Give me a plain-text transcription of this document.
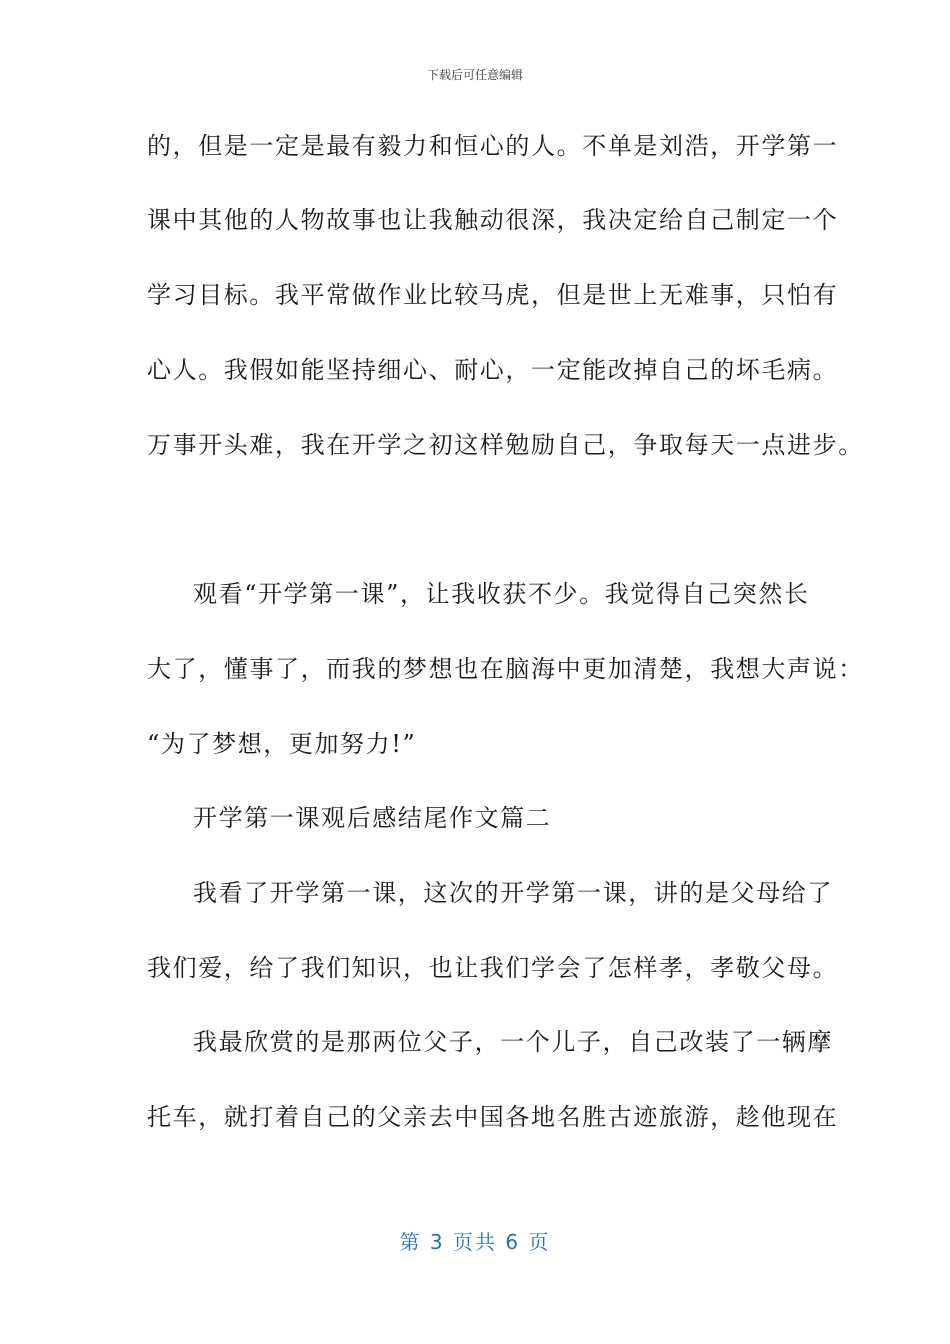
下载后可任意编辑
的，但是一定是最有毅力和恒心的人。不单是刘浩，开学第一
课中其他的人物故事也让我触动很深，我决定给自己制定一个
学习目标。我平常做作业比较马虎，但是世上无难事，只怕有
心人。我假如能坚持细心、耐心，一定能改掉自己的坏毛病。
万事开头难，我在开学之初这样勉励自己，争取每天一点进步。
观看“开学第一课”，让我收获不少。我觉得自己突然长
大了，懂事了，而我的梦想也在脑海中更加清楚，我想大声说：
“为了梦想，更加努力!”
开学第一课观后感结尾作文篇二
我看了开学第一课，这次的开学第一课，讲的是父母给了
我们爱，给了我们知识，也让我们学会了怎样孝，孝敬父母。
我最欣赏的是那两位父子，一个儿子，自己改装了一辆摩
托车，就打着自己的父亲去中国各地名胜古迹旅游，趁他现在
第 3 页共 6 页
